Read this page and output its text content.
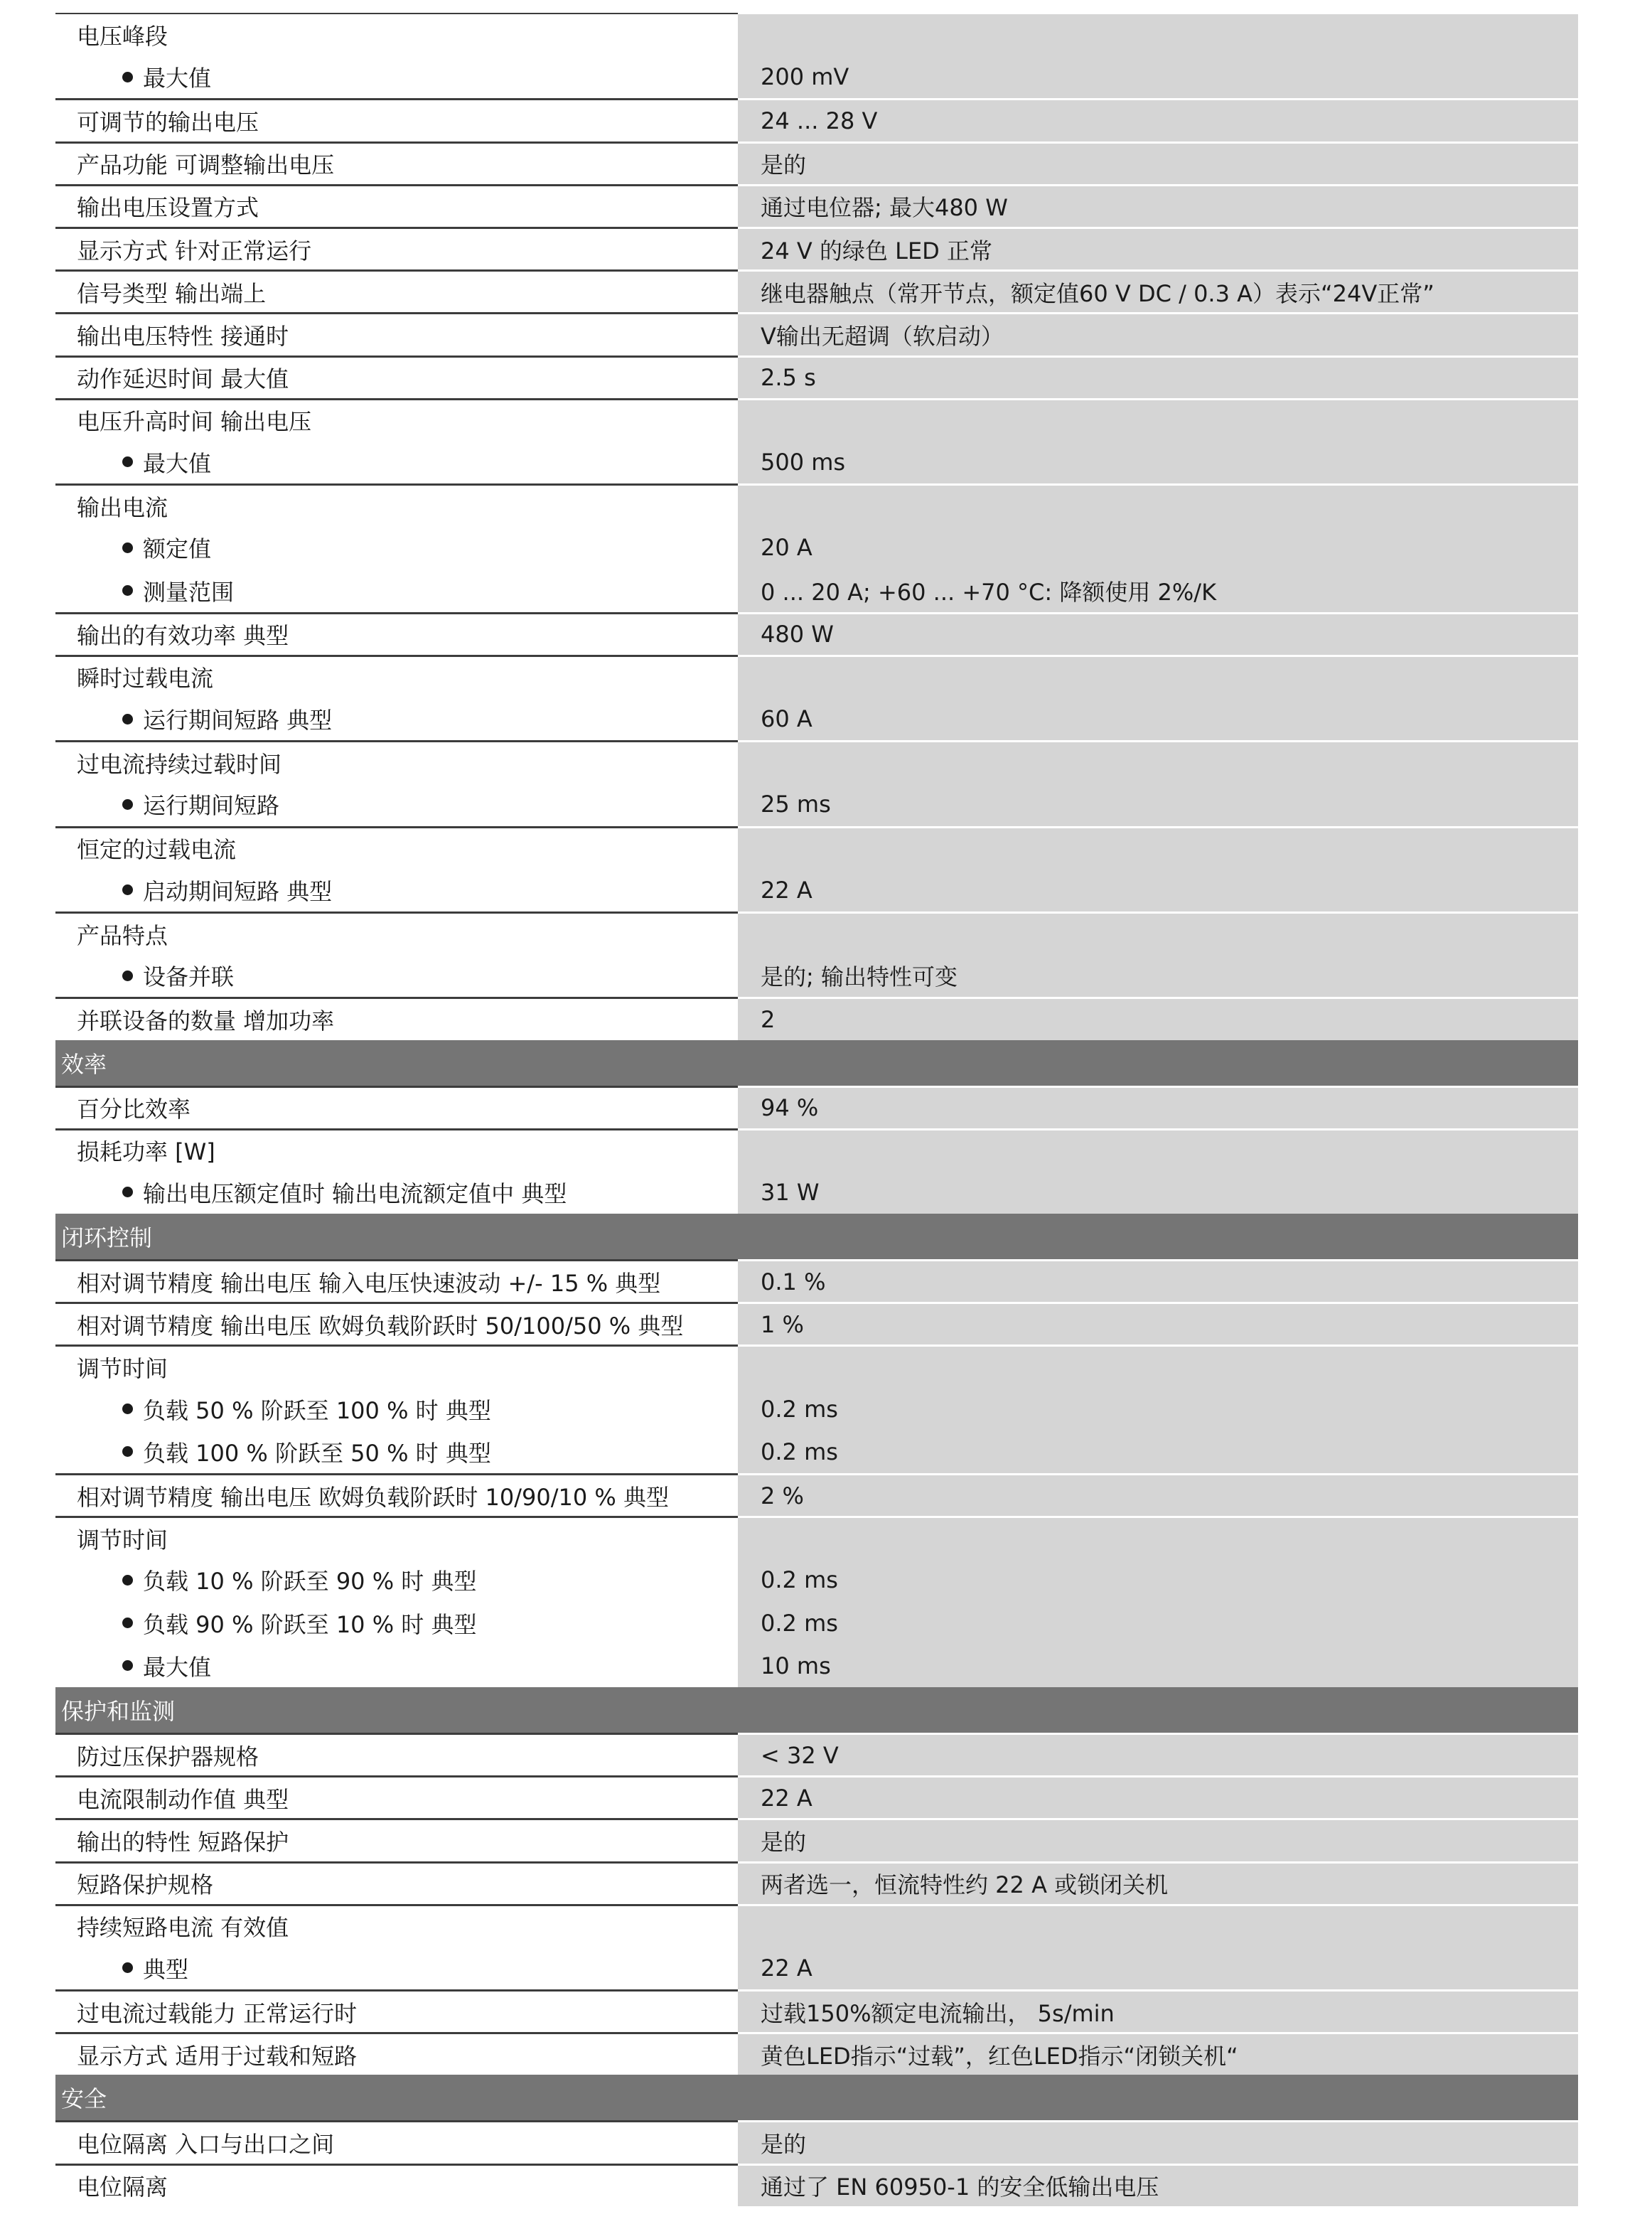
电压峰段
最大值	200 mV
可调节的输出电压	24 ... 28 V
产品功能 可调整输出电压	是的
输出电压设置方式	通过电位器; 最大480 W
显示方式 针对正常运行	24 V 的绿色 LED 正常
信号类型 输出端上	继电器触点（常开节点，额定值60 V DC / 0.3 A）表示“24V正常”
输出电压特性 接通时	V输出无超调（软启动）
动作延迟时间 最大值	2.5 s
电压升高时间 输出电压
最大值	500 ms
输出电流
额定值	20 A
测量范围	0 ... 20 A; +60 ... +70 °C: 降额使用 2%/K
输出的有效功率 典型	480 W
瞬时过载电流
运行期间短路 典型	60 A
过电流持续过载时间
运行期间短路	25 ms
恒定的过载电流
启动期间短路 典型	22 A
产品特点
设备并联	是的; 输出特性可变
并联设备的数量 增加功率	2
效率
百分比效率	94 %
损耗功率 [W]
输出电压额定值时 输出电流额定值中 典型	31 W
闭环控制
相对调节精度 输出电压 输入电压快速波动 +/- 15 % 典型	0.1 %
相对调节精度 输出电压 欧姆负载阶跃时 50/100/50 % 典型	1 %
调节时间
负载 50 % 阶跃至 100 % 时 典型	0.2 ms
负载 100 % 阶跃至 50 % 时 典型	0.2 ms
相对调节精度 输出电压 欧姆负载阶跃时 10/90/10 % 典型	2 %
调节时间
负载 10 % 阶跃至 90 % 时 典型	0.2 ms
负载 90 % 阶跃至 10 % 时 典型	0.2 ms
最大值	10 ms
保护和监测
防过压保护器规格	< 32 V
电流限制动作值 典型	22 A
输出的特性 短路保护	是的
短路保护规格	两者选一，恒流特性约 22 A 或锁闭关机
持续短路电流 有效值
典型	22 A
过电流过载能力 正常运行时	过载150%额定电流输出， 5s/min
显示方式 适用于过载和短路	黄色LED指示“过载”，红色LED指示“闭锁关机“
安全
电位隔离 入口与出口之间	是的
电位隔离	通过了 EN 60950-1 的安全低输出电压
